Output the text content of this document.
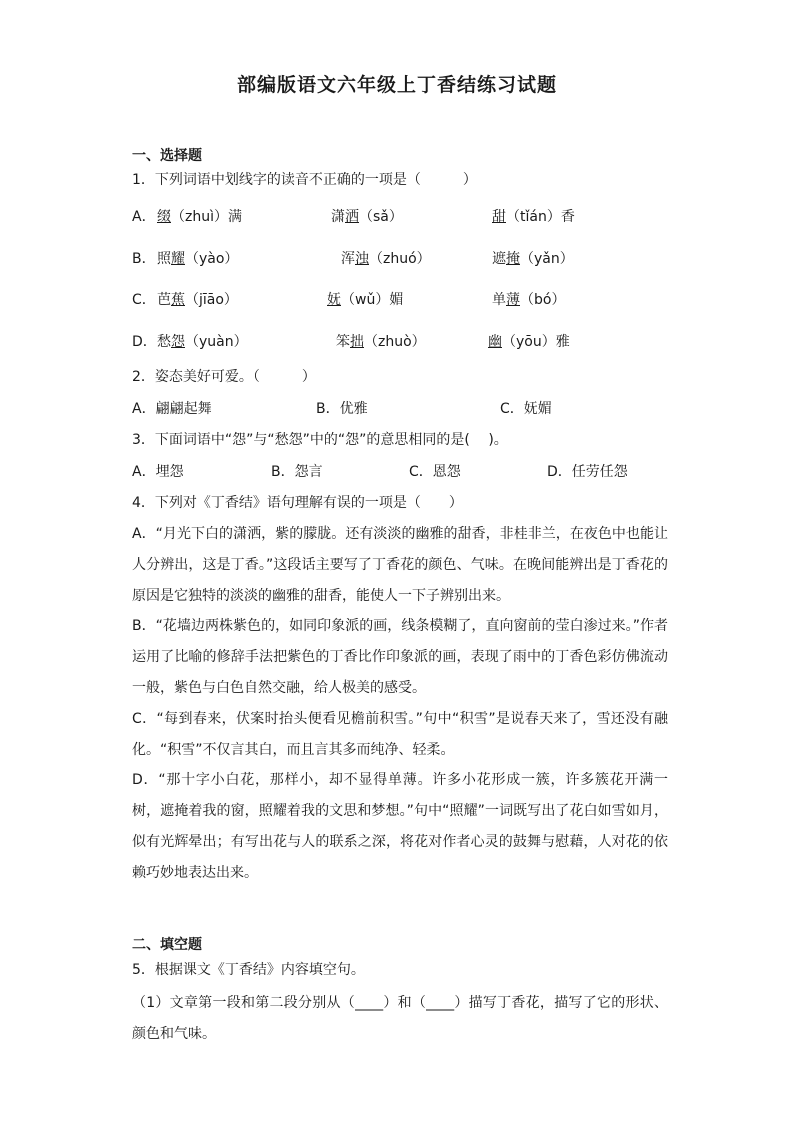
部编版语文六年级上丁香结练习试题
一、选择题
1．下列词语中划线字的读音不正确的一项是（　　　）
A． 缀（zhuì）满	潇洒（sǎ）	甜（tǐán）香
B． 照耀（yào）	浑浊（zhuó）	遮掩（yǎn）
C． 芭蕉（jīāo）	妩（wǔ）媚	单薄（bó）
D． 愁怨（yuàn）	笨拙（zhuò）	幽（yōu）雅
2．姿态美好可爱。（　　　）
A．翩翩起舞	B．优雅	C．妩媚
3．下面词语中“怨”与“愁怨”中的“怨”的意思相同的是(　 )。
A．埋怨	B．怨言	C．恩怨	D．任劳任怨
4．下列对《丁香结》语句理解有误的一项是（　　）

A．“月光下白的潇洒，紫的朦胧。还有淡淡的幽雅的甜香，非桂非兰，在夜色中也能让人分辨出，这是丁香。”这段话主要写了丁香花的颜色、气味。在晚间能辨出是丁香花的原因是它独特的淡淡的幽雅的甜香，能使人一下子辨别出来。

B．“花墙边两株紫色的，如同印象派的画，线条模糊了，直向窗前的莹白渗过来。”作者运用了比喻的修辞手法把紫色的丁香比作印象派的画，表现了雨中的丁香色彩仿佛流动一般，紫色与白色自然交融，给人极美的感受。

C．“每到春来，伏案时抬头便看见檐前积雪。”句中“积雪”是说春天来了，雪还没有融化。“积雪”不仅言其白，而且言其多而纯净、轻柔。

D．“那十字小白花，那样小，却不显得单薄。许多小花形成一簇，许多簇花开满一树，遮掩着我的窗，照耀着我的文思和梦想。”句中“照耀”一词既写出了花白如雪如月，似有光辉晕出；有写出花与人的联系之深，将花对作者心灵的鼓舞与慰藉，人对花的依赖巧妙地表达出来。

二、填空题
5．根据课文《丁香结》内容填空句。

（1）文章第一段和第二段分别从（____）和（____）描写丁香花，描写了它的形状、颜色和气味。
